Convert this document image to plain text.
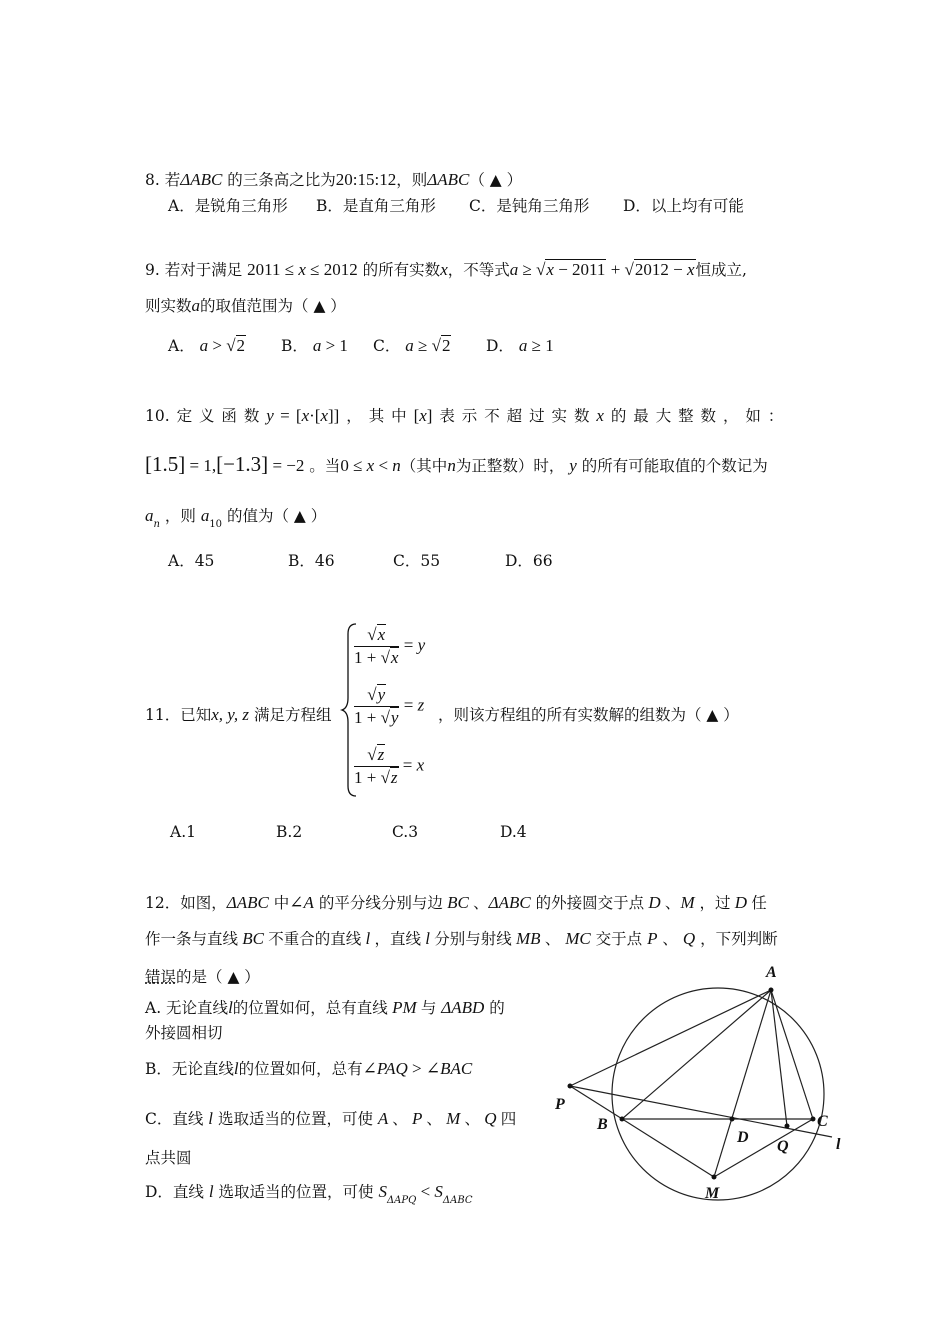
8. 若ΔABC 的三条高之比为20:15:12，则ΔABC（ ▲ ）
A．是锐角三角形 B．是直角三角形 C．是钝角三角形 D．以上均有可能
9. 若对于满足 2011 ≤ x ≤ 2012 的所有实数x，不等式a ≥ √x − 2011 + √2012 − x恒成立,
则实数a的取值范围为（ ▲ ）
A． a > √2 B． a > 1 C． a ≥ √2 D． a ≥ 1
10. 定 义 函 数 y = [x·[x]] ， 其 中 [x] 表 示 不 超 过 实 数 x 的 最 大 整 数 ， 如 ：
[1.5] = 1,[−1.3] = −2 。当0 ≤ x < n（其中n为正整数）时， y 的所有可能取值的个数记为
$a_n$ ，则 $a_{10}$ 的值为（ ▲ ）
A．45	B．46	C．55	D．66
11．已知x, y, z 满足方程组
$\frac{√x}{1 + √x} = y$
$\frac{√y}{1 + √y} = z$
$\frac{√z}{1 + √z} = x$
，则该方程组的所有实数解的组数为（ ▲ ）
A.1	B.2	C.3	D.4
12．如图，ΔABC 中∠A 的平分线分别与边 BC 、ΔABC 的外接圆交于点 D 、M ，过 D 任
作一条与直线 BC 不重合的直线 l ，直线 l 分别与射线 MB 、 MC 交于点 P 、 Q ，下列判断
错误的是（ ▲ ）
A. 无论直线l的位置如何，总有直线 PM 与 ΔABD 的
外接圆相切
B．无论直线l的位置如何，总有∠PAQ > ∠BAC
C．直线 l 选取适当的位置，可使 A 、 P 、 M 、 Q 四
点共圆
D．直线 l 选取适当的位置，可使 $S_{\Delta APQ} < S_{\Delta ABC}$
A
B	C
D
M
P
Q	l
